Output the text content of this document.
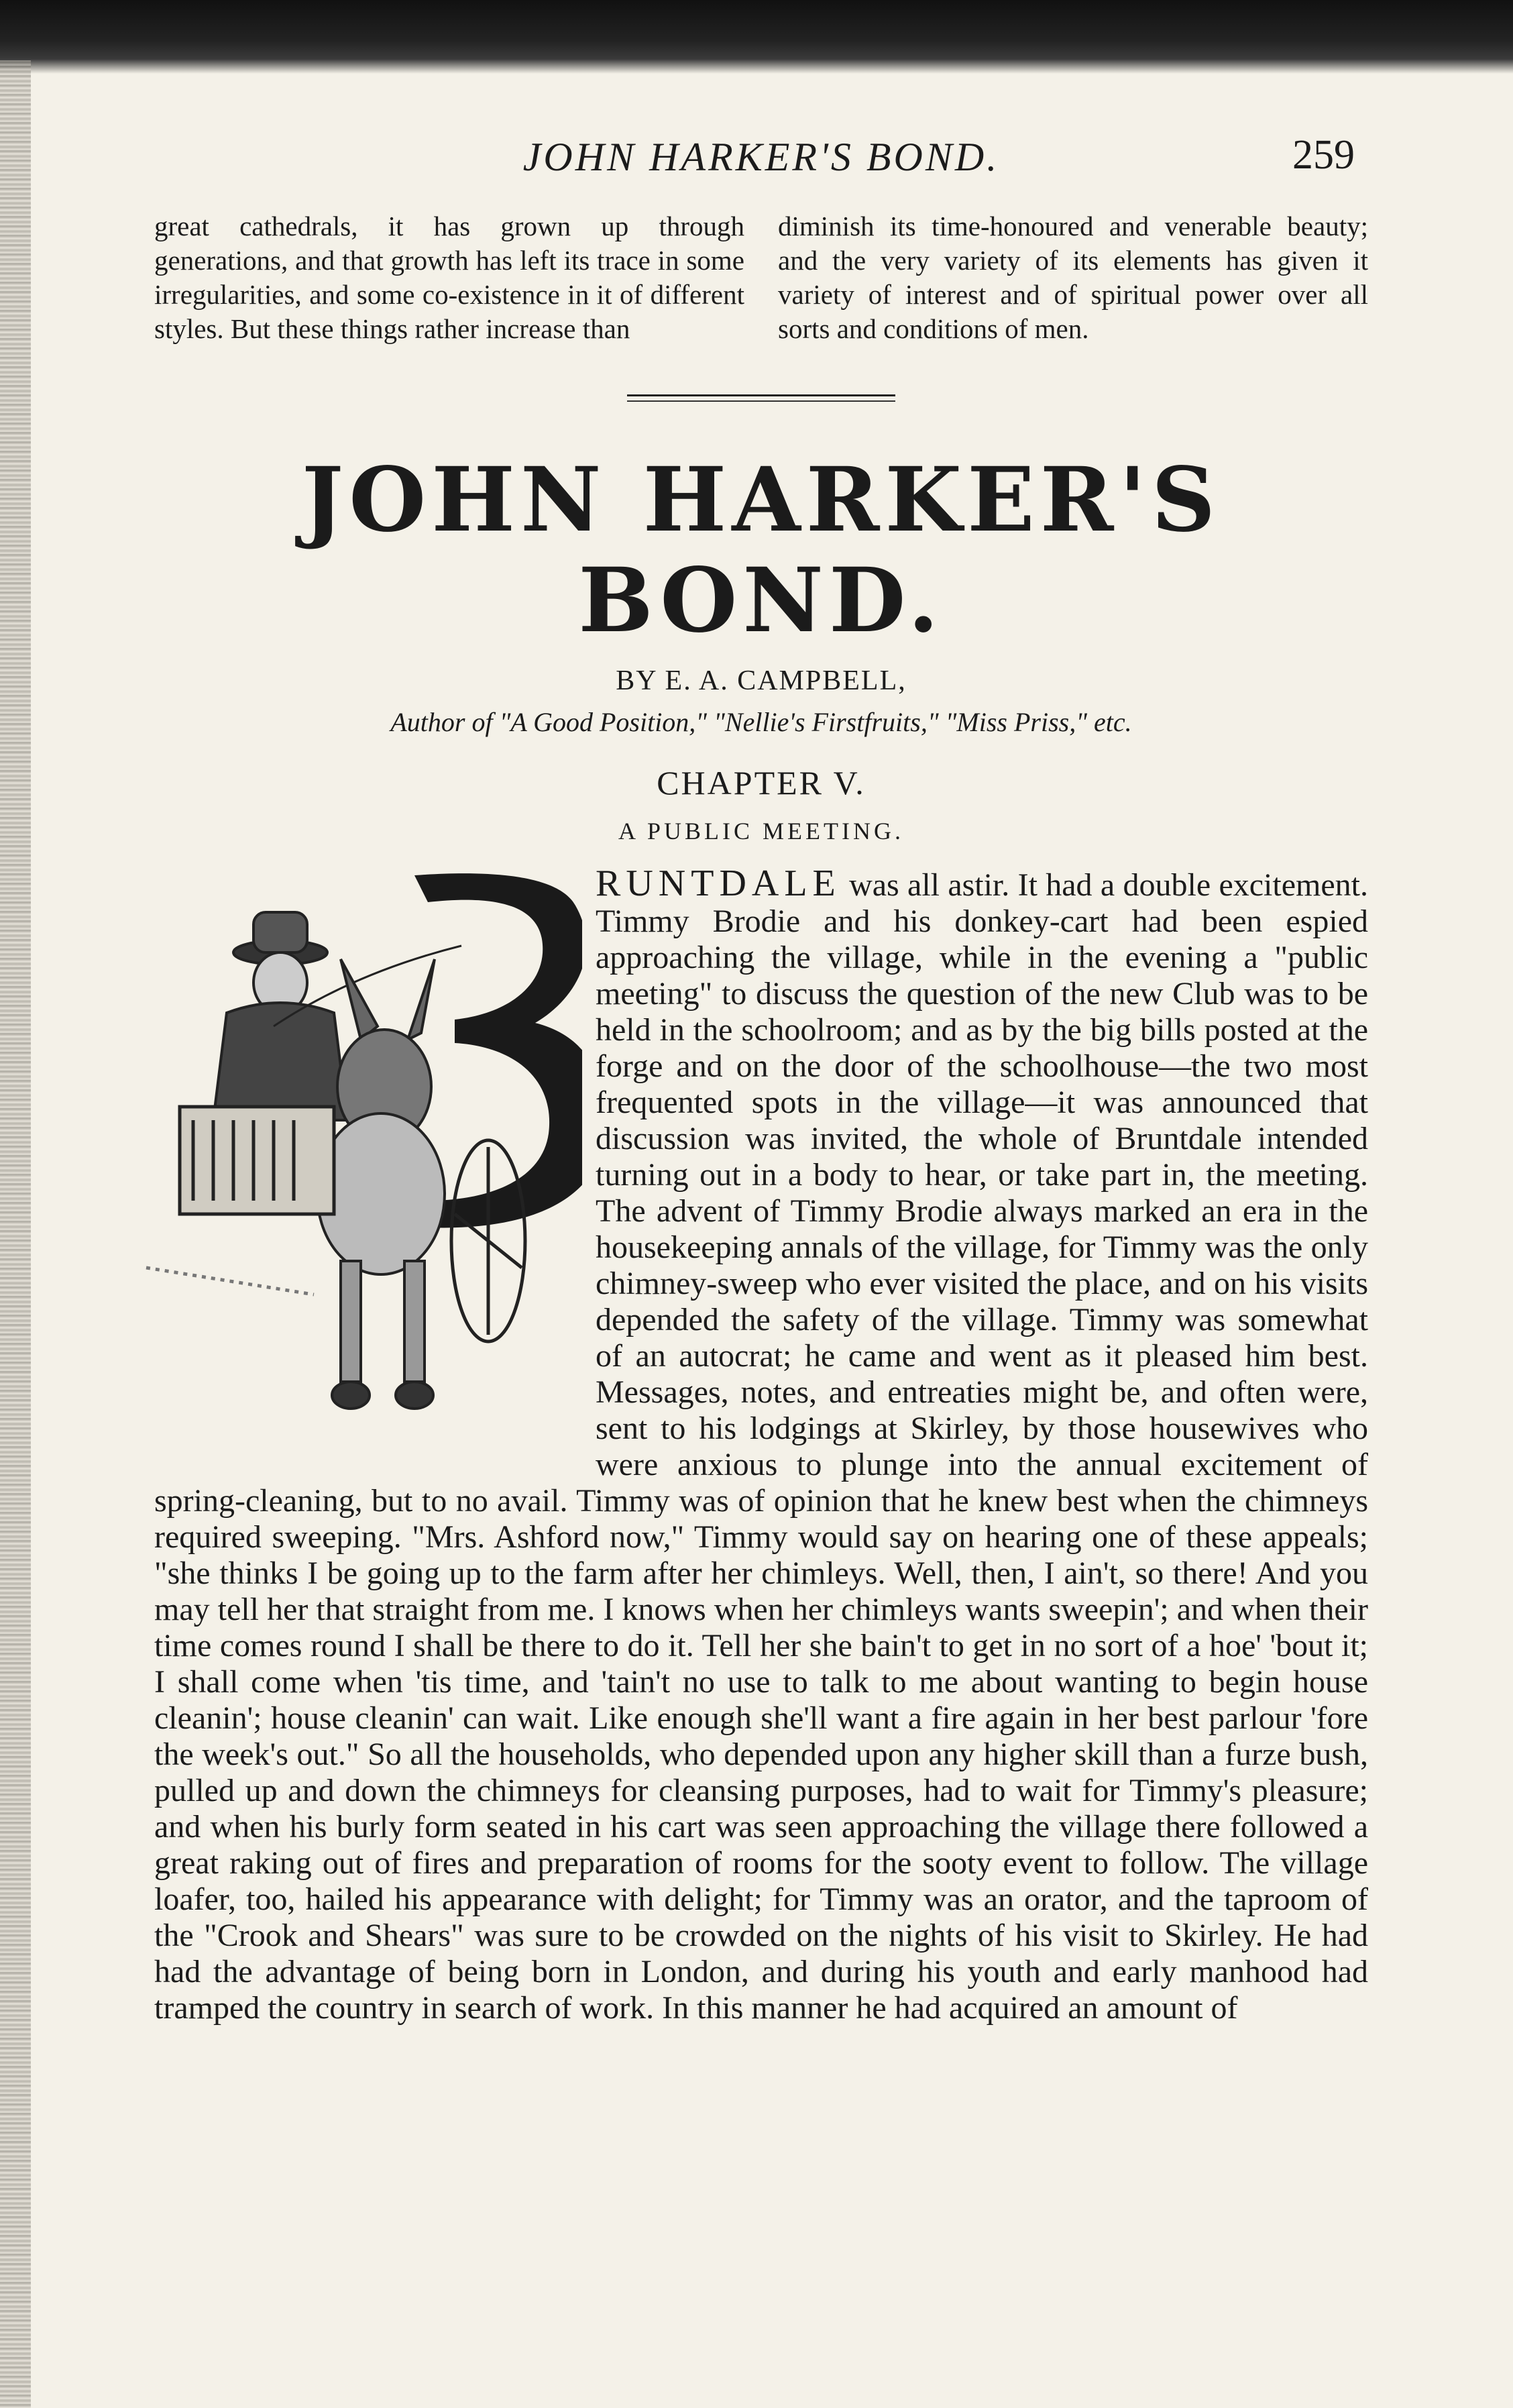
JOHN HARKER'S BOND.	259
great cathedrals, it has grown up through generations, and that growth has left its trace in some irregularities, and some co-existence in it of different styles. But these things rather increase than
diminish its time-honoured and venerable beauty; and the very variety of its elements has given it variety of interest and of spiritual power over all sorts and conditions of men.
JOHN HARKER'S BOND.
BY E. A. CAMPBELL,
Author of "A Good Position," "Nellie's Firstfruits," "Miss Priss," etc.
CHAPTER V.
A PUBLIC MEETING.
RUNTDALE was all astir. It had a double excitement. Timmy Brodie and his donkey-cart had been espied approaching the village, while in the evening a "public meeting" to discuss the question of the new Club was to be held in the schoolroom; and as by the big bills posted at the forge and on the door of the schoolhouse—the two most frequented spots in the village—it was announced that discussion was invited, the whole of Bruntdale intended turning out in a body to hear, or take part in, the meeting. The advent of Timmy Brodie always marked an era in the housekeeping annals of the village, for Timmy was the only chimney-sweep who ever visited the place, and on his visits depended the safety of the village. Timmy was somewhat of an autocrat; he came and went as it pleased him best. Messages, notes, and entreaties might be, and often were, sent to his lodgings at Skirley, by those housewives who were anxious to plunge into the annual excitement of spring-cleaning, but to no avail. Timmy was of opinion that he knew best when the chimneys required sweeping. "Mrs. Ashford now," Timmy would say on hearing one of these appeals; "she thinks I be going up to the farm after her chimleys. Well, then, I ain't, so there! And you may tell her that straight from me. I knows when her chimleys wants sweepin'; and when their time comes round I shall be there to do it. Tell her she bain't to get in no sort of a hoe' 'bout it; I shall come when 'tis time, and 'tain't no use to talk to me about wanting to begin house cleanin'; house cleanin' can wait. Like enough she'll want a fire again in her best parlour 'fore the week's out." So all the households, who depended upon any higher skill than a furze bush, pulled up and down the chimneys for cleansing purposes, had to wait for Timmy's pleasure; and when his burly form seated in his cart was seen approaching the village there followed a great raking out of fires and preparation of rooms for the sooty event to follow. The village loafer, too, hailed his appearance with delight; for Timmy was an orator, and the taproom of the "Crook and Shears" was sure to be crowded on the nights of his visit to Skirley. He had had the advantage of being born in London, and during his youth and early manhood had tramped the country in search of work. In this manner he had acquired an amount of
